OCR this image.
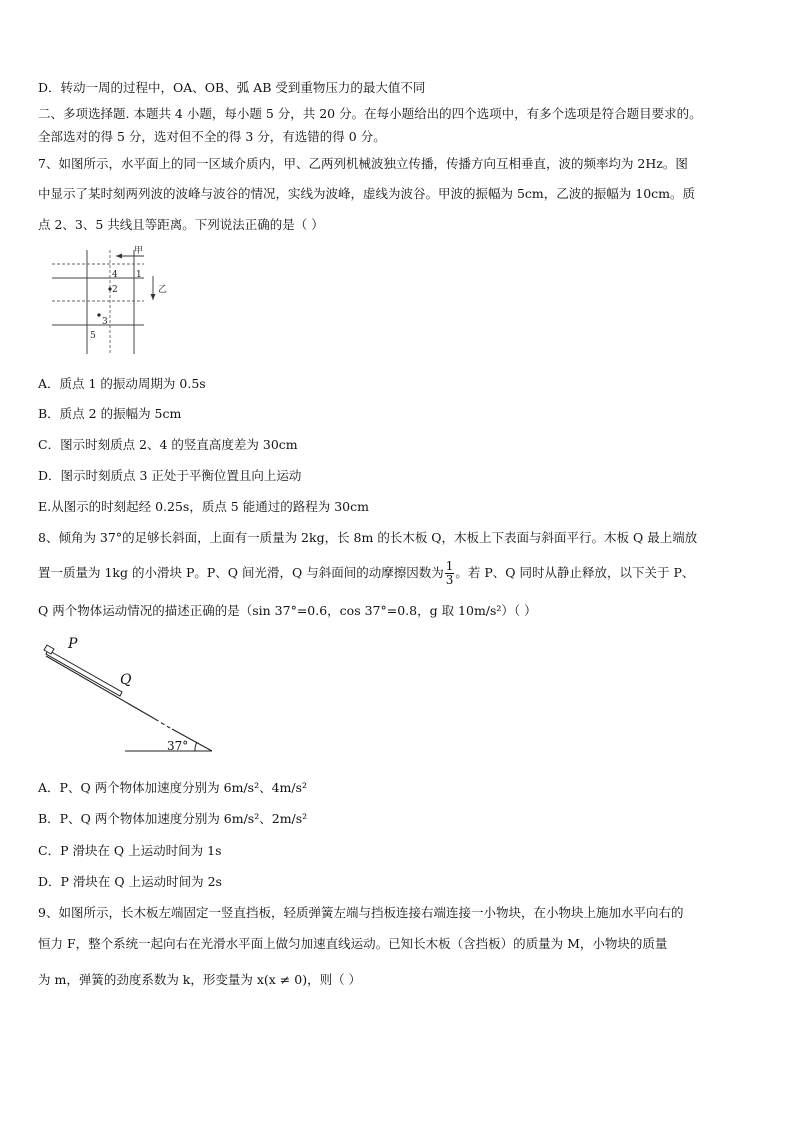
D．转动一周的过程中，OA、OB、弧 AB 受到重物压力的最大值不同
二、多项选择题. 本题共 4 小题，每小题 5 分，共 20 分。在每小题给出的四个选项中，有多个选项是符合题目要求的。
全部选对的得 5 分，选对但不全的得 3 分，有选错的得 0 分。
7、如图所示，水平面上的同一区域介质内，甲、乙两列机械波独立传播，传播方向互相垂直，波的频率均为 2Hz。图
中显示了某时刻两列波的波峰与波谷的情况，实线为波峰，虚线为波谷。甲波的振幅为 5cm，乙波的振幅为 10cm。质
点 2、3、5 共线且等距离。下列说法正确的是（ ）
甲
乙
2
3
4 1
5
A．质点 1 的振动周期为 0.5s
B．质点 2 的振幅为 5cm
C．图示时刻质点 2、4 的竖直高度差为 30cm
D．图示时刻质点 3 正处于平衡位置且向上运动
E.从图示的时刻起经 0.25s，质点 5 能通过的路程为 30cm
8、倾角为 37°的足够长斜面，上面有一质量为 2kg，长 8m 的长木板 Q，木板上下表面与斜面平行。木板 Q 最上端放
置一质量为 1kg 的小滑块 P。P、Q 间光滑，Q 与斜面间的动摩擦因数为 $\frac{1}{3}$ 。若 P、Q 同时从静止释放，以下关于 P、
Q 两个物体运动情况的描述正确的是（sin 37°=0.6，cos 37°=0.8，g 取 10m/s²）（ ）
P
Q
37°
A．P、Q 两个物体加速度分别为 6m/s²、4m/s²
B．P、Q 两个物体加速度分别为 6m/s²、2m/s²
C．P 滑块在 Q 上运动时间为 1s
D．P 滑块在 Q 上运动时间为 2s
9、如图所示，长木板左端固定一竖直挡板，轻质弹簧左端与挡板连接右端连接一小物块，在小物块上施加水平向右的
恒力 F，整个系统一起向右在光滑水平面上做匀加速直线运动。已知长木板（含挡板）的质量为 M，小物块的质量
为 m，弹簧的劲度系数为 k，形变量为 x(x ≠ 0)，则（ ）
